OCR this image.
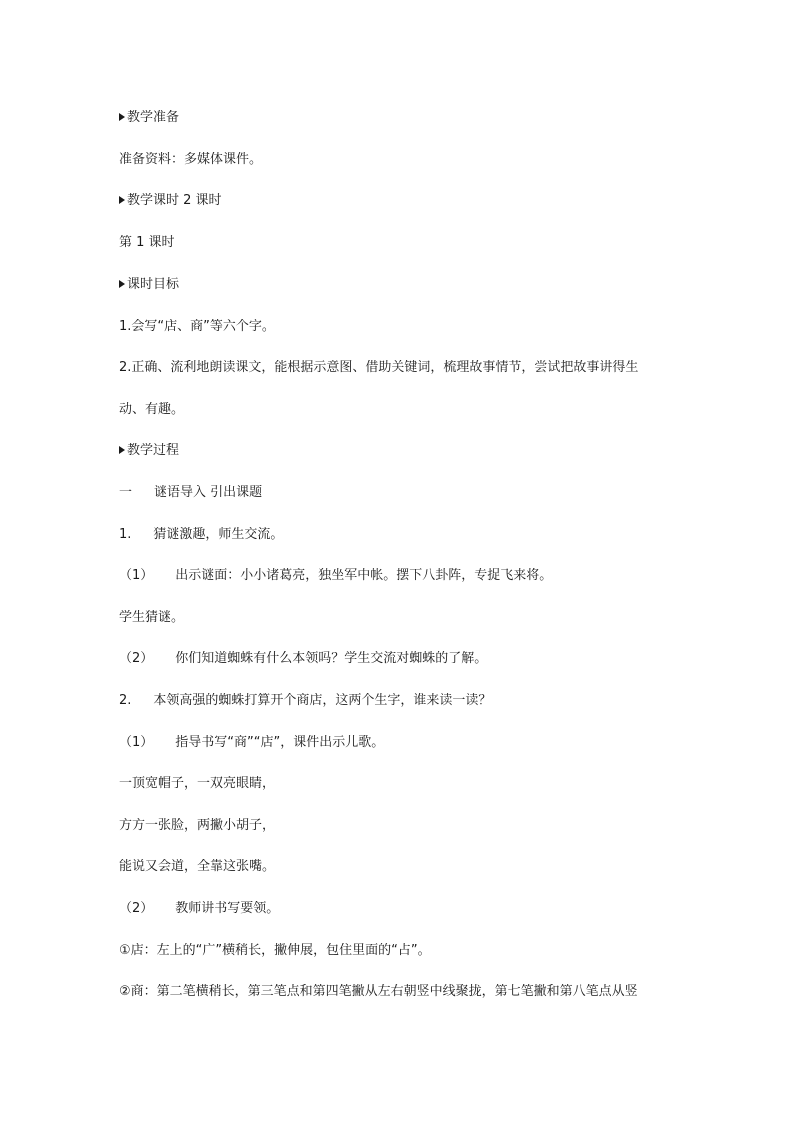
教学准备
准备资料：多媒体课件。
教学课时 2 课时
第 1 课时
课时目标
1.会写“店、商”等六个字。
2.正确、流利地朗读课文，能根据示意图、借助关键词，梳理故事情节，尝试把故事讲得生
动、有趣。
教学过程
一 谜语导入 引出课题
1. 猜谜激趣，师生交流。
（1） 出示谜面：小小诸葛亮，独坐军中帐。摆下八卦阵，专捉飞来将。
学生猜谜。
（2） 你们知道蜘蛛有什么本领吗？学生交流对蜘蛛的了解。
2. 本领高强的蜘蛛打算开个商店，这两个生字，谁来读一读？
（1） 指导书写“商”“店”，课件出示儿歌。
一顶宽帽子，一双亮眼睛，
方方一张脸，两撇小胡子，
能说又会道，全靠这张嘴。
（2） 教师讲书写要领。
①店：左上的“广”横稍长，撇伸展，包住里面的“占”。
②商：第二笔横稍长，第三笔点和第四笔撇从左右朝竖中线聚拢，第七笔撇和第八笔点从竖
